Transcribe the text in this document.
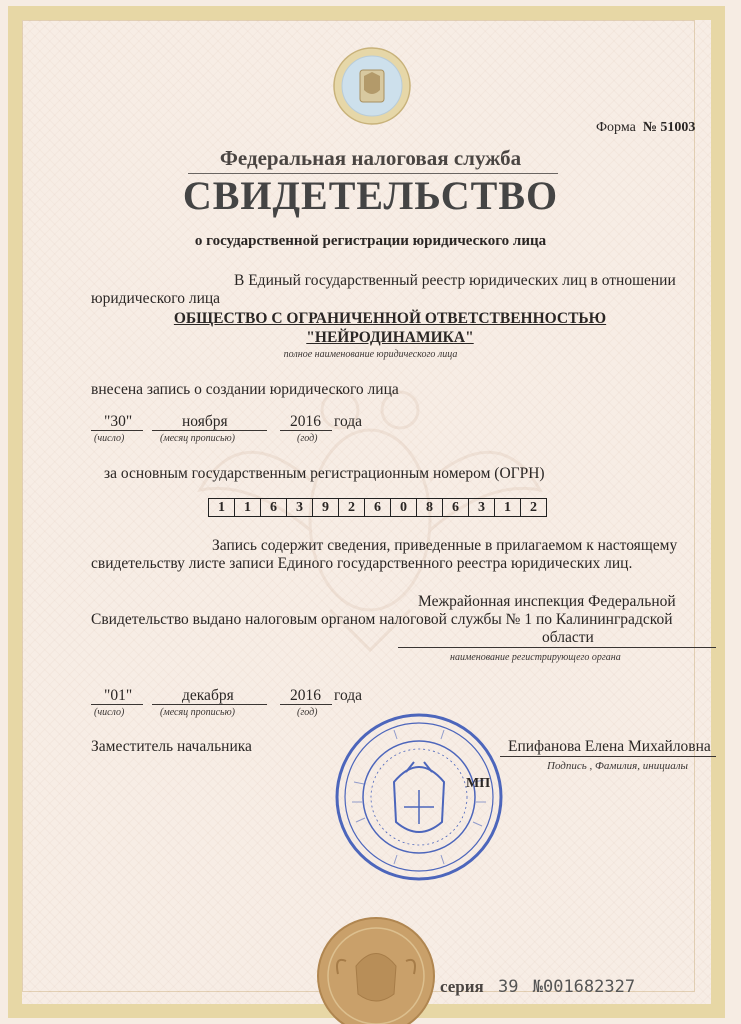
Форма № 51003
Федеральная налоговая служба
СВИДЕТЕЛЬСТВО
о государственной регистрации юридического лица
В Единый государственный реестр юридических лиц в отношении
юридического лица
ОБЩЕСТВО С ОГРАНИЧЕННОЙ ОТВЕТСТВЕННОСТЬЮ
"НЕЙРОДИНАМИКА"
полное наименование юридического лица
внесена запись о создании юридического лица
"30"	ноября	2016 года
(число)	(месяц прописью)	(год)
за основным государственным регистрационным номером (ОГРН)
1	1	6	3	9	2	6	0	8	6	3	1	2
Запись содержит сведения, приведенные в прилагаемом к настоящему
свидетельству листе записи Единого государственного реестра юридических лиц.
Межрайонная инспекция Федеральной
Свидетельство выдано налоговым органом налоговой службы № 1 по Калининградской
области
наименование регистрирующего органа
"01"	декабря	2016 года
(число)	(месяц прописью)	(год)
Заместитель начальника	Епифанова Елена Михайловна
Подпись , Фамилия, инициалы
МП
серия 39 №001682327
